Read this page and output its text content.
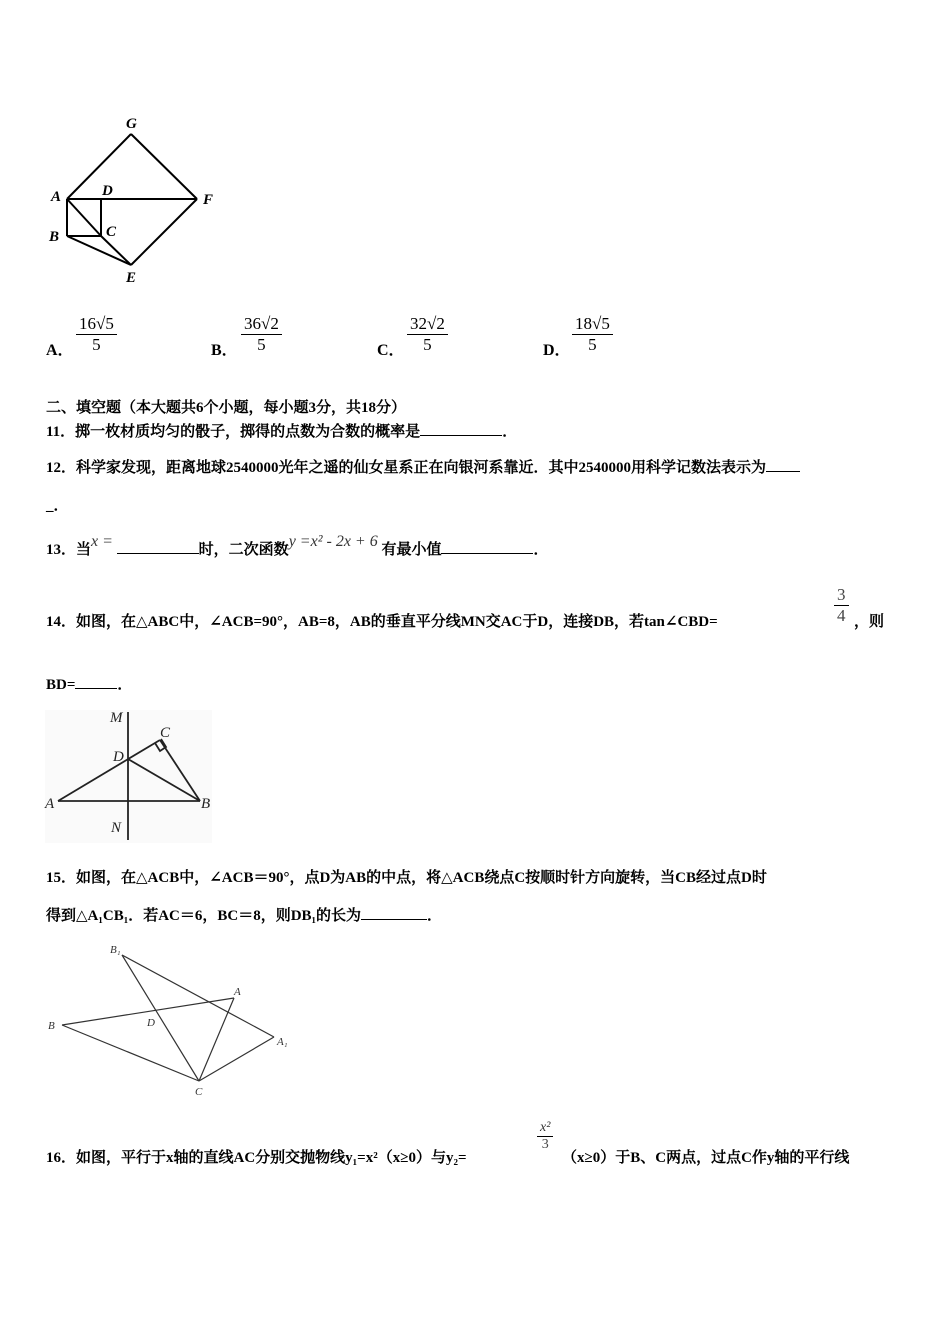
G
A	D
F
B	C
E
A． $\frac{16√5}{5}$	B． $\frac{36√2}{5}$	C． $\frac{32√2}{5}$	D． $\frac{18√5}{5}$
二、填空题（本大题共6个小题，每小题3分，共18分）
11．掷一枚材质均匀的骰子，掷得的点数为合数的概率是	．
12．科学家发现，距离地球2540000光年之遥的仙女星系正在向银河系靠近．其中2540000用科学记数法表示为
_．
13．当x =	时，二次函数y =x² - 2x + 6 有最小值	．
14．如图，在△ABC中，∠ACB=90°，AB=8，AB的垂直平分线MN交AC于D，连接DB，若tan∠CBD=	$\frac{3}{4}$ ，则
BD=	．
M
C
D
A	B
N
15．如图，在△ACB中，∠ACB＝90°，点D为AB的中点，将△ACB绕点C按顺时针方向旋转，当CB经过点D时
得到△A₁CB₁．若AC＝6，BC＝8，则DB₁的长为	．
B₁
A
B	D
A₁
C
16．如图，平行于x轴的直线AC分别交抛物线y₁=x²（x≥0）与y₂=
$\frac{\text{x²}}{3}$
（x≥0）于B、C两点，过点C作y轴的平行线
